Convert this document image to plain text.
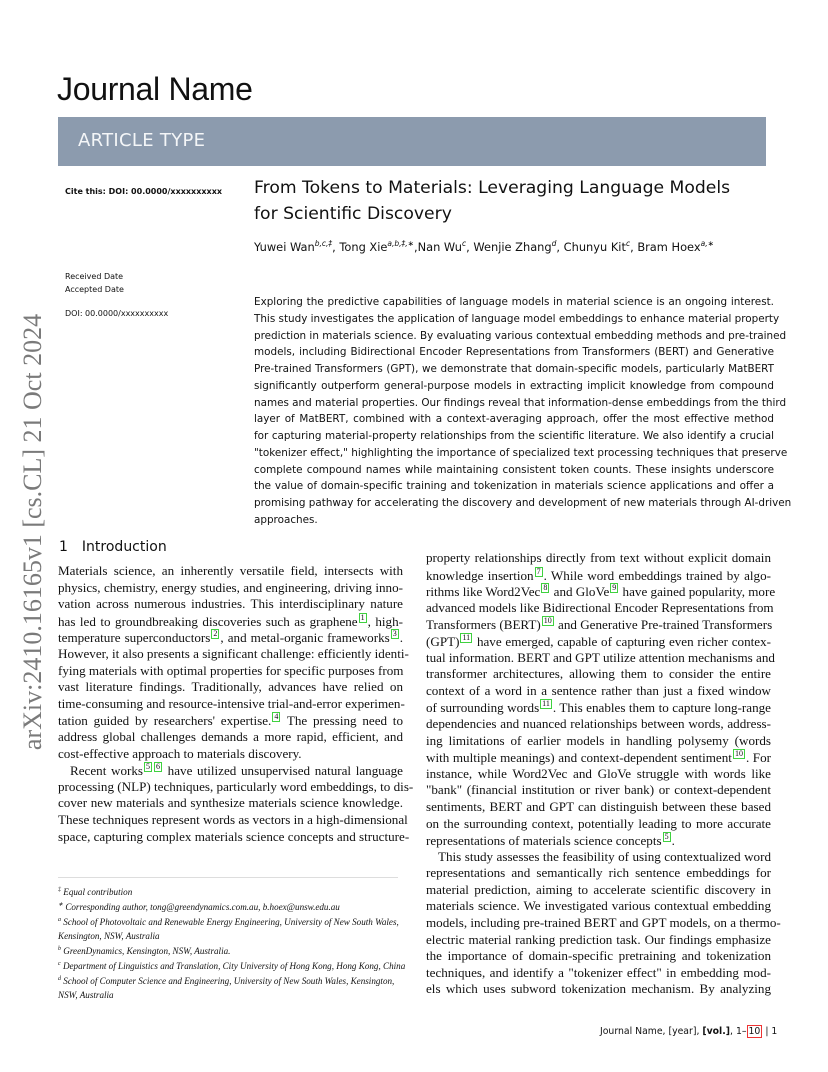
Journal Name
ARTICLE TYPE
arXiv:2410.16165v1 [cs.CL] 21 Oct 2024
Cite this: DOI: 00.0000/xxxxxxxxxx
Received Date
Accepted Date
DOI: 00.0000/xxxxxxxxxx
From Tokens to Materials: Leveraging Language Models
for Scientific Discovery
Yuwei Wan$^{b,c,\ddagger}$, Tong Xie$^{a,b,\ddagger,∗}$,Nan Wu$^c$, Wenjie Zhang$^d$, Chunyu Kit$^c$, Bram Hoex$^{a,∗}$
Exploring the predictive capabilities of language models in material science is an ongoing interest.
This study investigates the application of language model embeddings to enhance material property
prediction in materials science. By evaluating various contextual embedding methods and pre-trained
models, including Bidirectional Encoder Representations from Transformers (BERT) and Generative
Pre-trained Transformers (GPT), we demonstrate that domain-specific models, particularly MatBERT
significantly outperform general-purpose models in extracting implicit knowledge from compound
names and material properties. Our findings reveal that information-dense embeddings from the third
layer of MatBERT, combined with a context-averaging approach, offer the most effective method
for capturing material-property relationships from the scientific literature. We also identify a crucial
"tokenizer effect," highlighting the importance of specialized text processing techniques that preserve
complete compound names while maintaining consistent token counts. These insights underscore
the value of domain-specific training and tokenization in materials science applications and offer a
promising pathway for accelerating the discovery and development of new materials through AI-driven
approaches.
1 Introduction
Materials science, an inherently versatile field, intersects with
physics, chemistry, energy studies, and engineering, driving inno-
vation across numerous industries. This interdisciplinary nature
has led to groundbreaking discoveries such as graphene 1 , high-
temperature superconductors 2 , and metal-organic frameworks 3 .
However, it also presents a significant challenge: efficiently identi-
fying materials with optimal properties for specific purposes from
vast literature findings. Traditionally, advances have relied on
time-consuming and resource-intensive trial-and-error experimen-
tation guided by researchers' expertise. 4 The pressing need to
address global challenges demands a more rapid, efficient, and
cost-effective approach to materials discovery.
Recent works 5 6 have utilized unsupervised natural language
processing (NLP) techniques, particularly word embeddings, to dis-
cover new materials and synthesize materials science knowledge.
These techniques represent words as vectors in a high-dimensional
space, capturing complex materials science concepts and structure-
property relationships directly from text without explicit domain
knowledge insertion 7 . While word embeddings trained by algo-
rithms like Word2Vec 8 and GloVe 9 have gained popularity, more
advanced models like Bidirectional Encoder Representations from
Transformers (BERT) 10 and Generative Pre-trained Transformers
(GPT) 11 have emerged, capable of capturing even richer contex-
tual information. BERT and GPT utilize attention mechanisms and
transformer architectures, allowing them to consider the entire
context of a word in a sentence rather than just a fixed window
of surrounding words 11 . This enables them to capture long-range
dependencies and nuanced relationships between words, address-
ing limitations of earlier models in handling polysemy (words
with multiple meanings) and context-dependent sentiment 10 . For
instance, while Word2Vec and GloVe struggle with words like
"bank" (financial institution or river bank) or context-dependent
sentiments, BERT and GPT can distinguish between these based
on the surrounding context, potentially leading to more accurate
representations of materials science concepts 5 .
This study assesses the feasibility of using contextualized word
representations and semantically rich sentence embeddings for
material prediction, aiming to accelerate scientific discovery in
materials science. We investigated various contextual embedding
models, including pre-trained BERT and GPT models, on a thermo-
electric material ranking prediction task. Our findings emphasize
the importance of domain-specific pretraining and tokenization
techniques, and identify a "tokenizer effect" in embedding mod-
els which uses subword tokenization mechanism. By analyzing
‡ Equal contribution
∗ Corresponding author, tong@greendynamics.com.au, b.hoex@unsw.edu.au
$^a$ School of Photovoltaic and Renewable Energy Engineering, University of New South Wales, Kensington, NSW, Australia
$^b$ GreenDynamics, Kensington, NSW, Australia.
$^c$ Department of Linguistics and Translation, City University of Hong Kong, Hong Kong, China
$^d$ School of Computer Science and Engineering, University of New South Wales, Kensington, NSW, Australia
Journal Name, [year], [vol.], 1– 10 | 1
